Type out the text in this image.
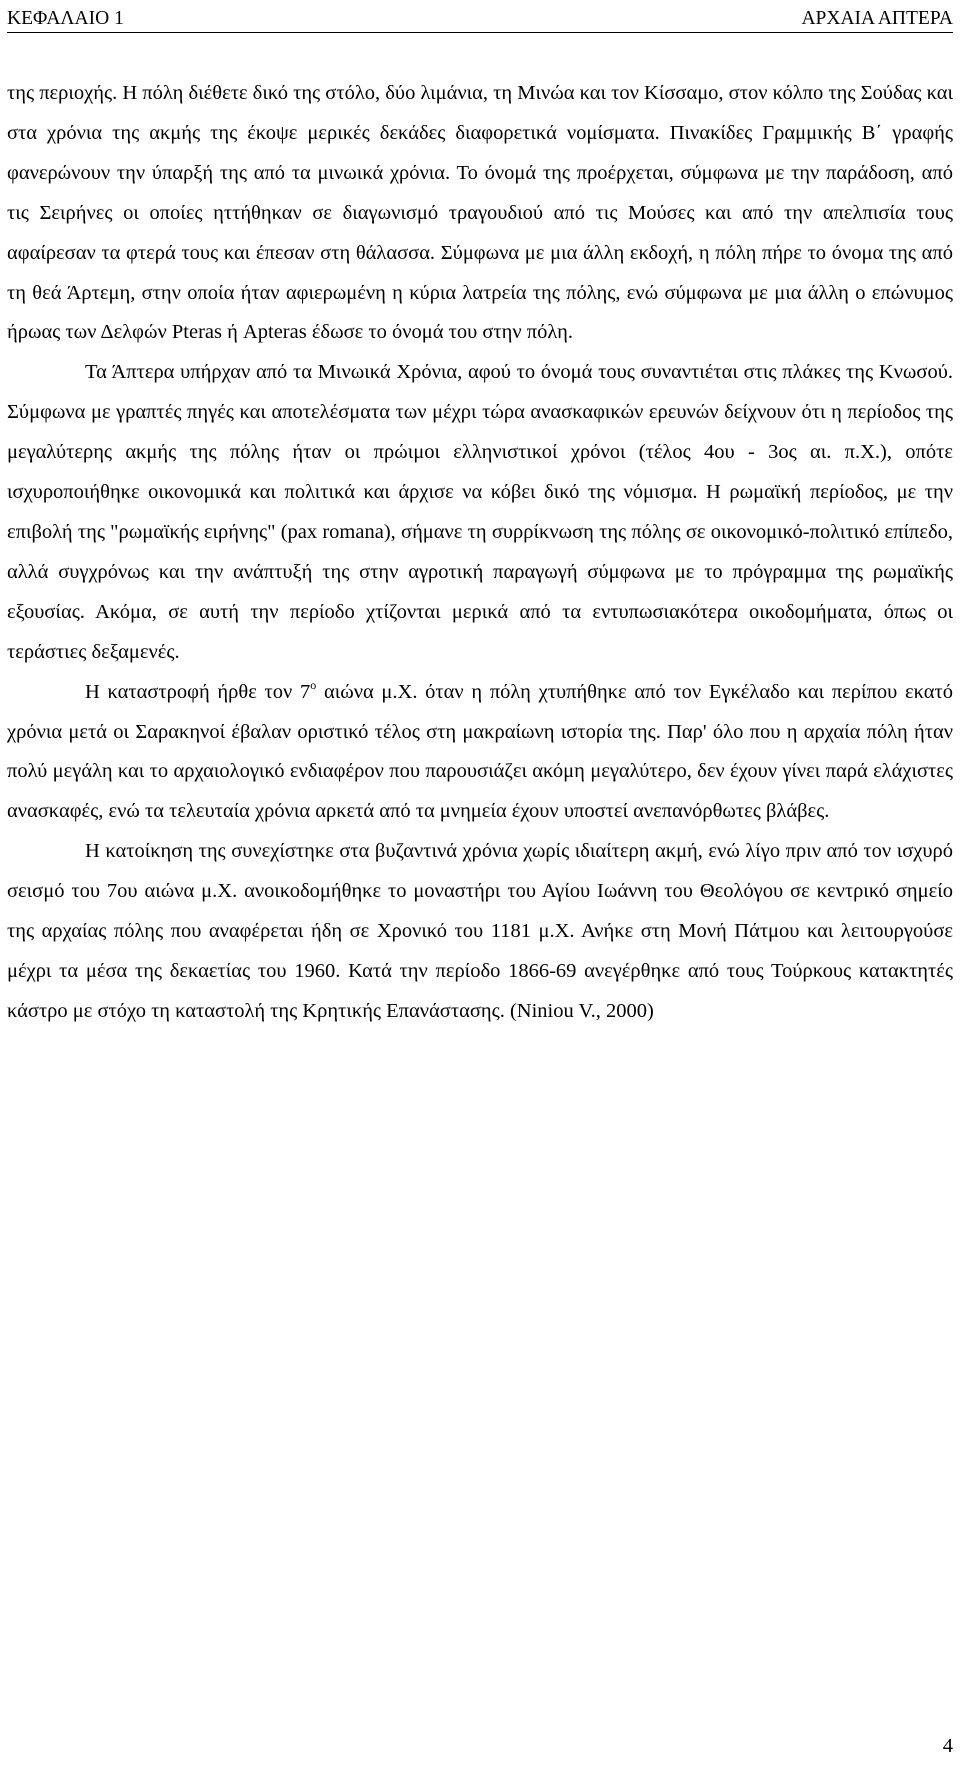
ΚΕΦΑΛΑΙΟ 1	ΑΡΧΑΙΑ ΑΠΤΕΡΑ

της περιοχής. Η πόλη διέθετε δικό της στόλο, δύο λιμάνια, τη Μινώα και τον Κίσσαμο, στον κόλπο της Σούδας και στα χρόνια της ακμής της έκοψε μερικές δεκάδες διαφορετικά νομίσματα. Πινακίδες Γραμμικής Β΄ γραφής φανερώνουν την ύπαρξή της από τα μινωικά χρόνια. Το όνομά της προέρχεται, σύμφωνα με την παράδοση, από τις Σειρήνες οι οποίες ηττήθηκαν σε διαγωνισμό τραγουδιού από τις Μούσες και από την απελπισία τους αφαίρεσαν τα φτερά τους και έπεσαν στη θάλασσα. Σύμφωνα με μια άλλη εκδοχή, η πόλη πήρε το όνομα της από τη θεά Άρτεμη, στην οποία ήταν αφιερωμένη η κύρια λατρεία της πόλης, ενώ σύμφωνα με μια άλλη ο επώνυμος ήρωας των Δελφών Pteras ή Apteras έδωσε το όνομά του στην πόλη.

Τα Άπτερα υπήρχαν από τα Μινωικά Χρόνια, αφού το όνομά τους συναντιέται στις πλάκες της Κνωσού. Σύμφωνα με γραπτές πηγές και αποτελέσματα των μέχρι τώρα ανασκαφικών ερευνών δείχνουν ότι η περίοδος της μεγαλύτερης ακμής της πόλης ήταν οι πρώιμοι ελληνιστικοί χρόνοι (τέλος 4ου - 3ος αι. π.Χ.), οπότε ισχυροποιήθηκε οικονομικά και πολιτικά και άρχισε να κόβει δικό της νόμισμα. Η ρωμαϊκή περίοδος, με την επιβολή της "ρωμαϊκής ειρήνης" (pax romana), σήμανε τη συρρίκνωση της πόλης σε οικονομικό-πολιτικό επίπεδο, αλλά συγχρόνως και την ανάπτυξή της στην αγροτική παραγωγή σύμφωνα με το πρόγραμμα της ρωμαϊκής εξουσίας. Ακόμα, σε αυτή την περίοδο χτίζονται μερικά από τα εντυπωσιακότερα οικοδομήματα, όπως οι τεράστιες δεξαμενές.

Η καταστροφή ήρθε τον $7^o$ αιώνα μ.Χ. όταν η πόλη χτυπήθηκε από τον Εγκέλαδο και περίπου εκατό χρόνια μετά οι Σαρακηνοί έβαλαν οριστικό τέλος στη μακραίωνη ιστορία της. Παρ' όλο που η αρχαία πόλη ήταν πολύ μεγάλη και το αρχαιολογικό ενδιαφέρον που παρουσιάζει ακόμη μεγαλύτερο, δεν έχουν γίνει παρά ελάχιστες ανασκαφές, ενώ τα τελευταία χρόνια αρκετά από τα μνημεία έχουν υποστεί ανεπανόρθωτες βλάβες.

Η κατοίκηση της συνεχίστηκε στα βυζαντινά χρόνια χωρίς ιδιαίτερη ακμή, ενώ λίγο πριν από τον ισχυρό σεισμό του 7ου αιώνα μ.Χ. ανοικοδομήθηκε το μοναστήρι του Αγίου Ιωάννη του Θεολόγου σε κεντρικό σημείο της αρχαίας πόλης που αναφέρεται ήδη σε Χρονικό του 1181 μ.Χ. Ανήκε στη Μονή Πάτμου και λειτουργούσε μέχρι τα μέσα της δεκαετίας του 1960. Κατά την περίοδο 1866-69 ανεγέρθηκε από τους Τούρκους κατακτητές κάστρο με στόχο τη καταστολή της Κρητικής Επανάστασης. (Niniou V., 2000)

4
